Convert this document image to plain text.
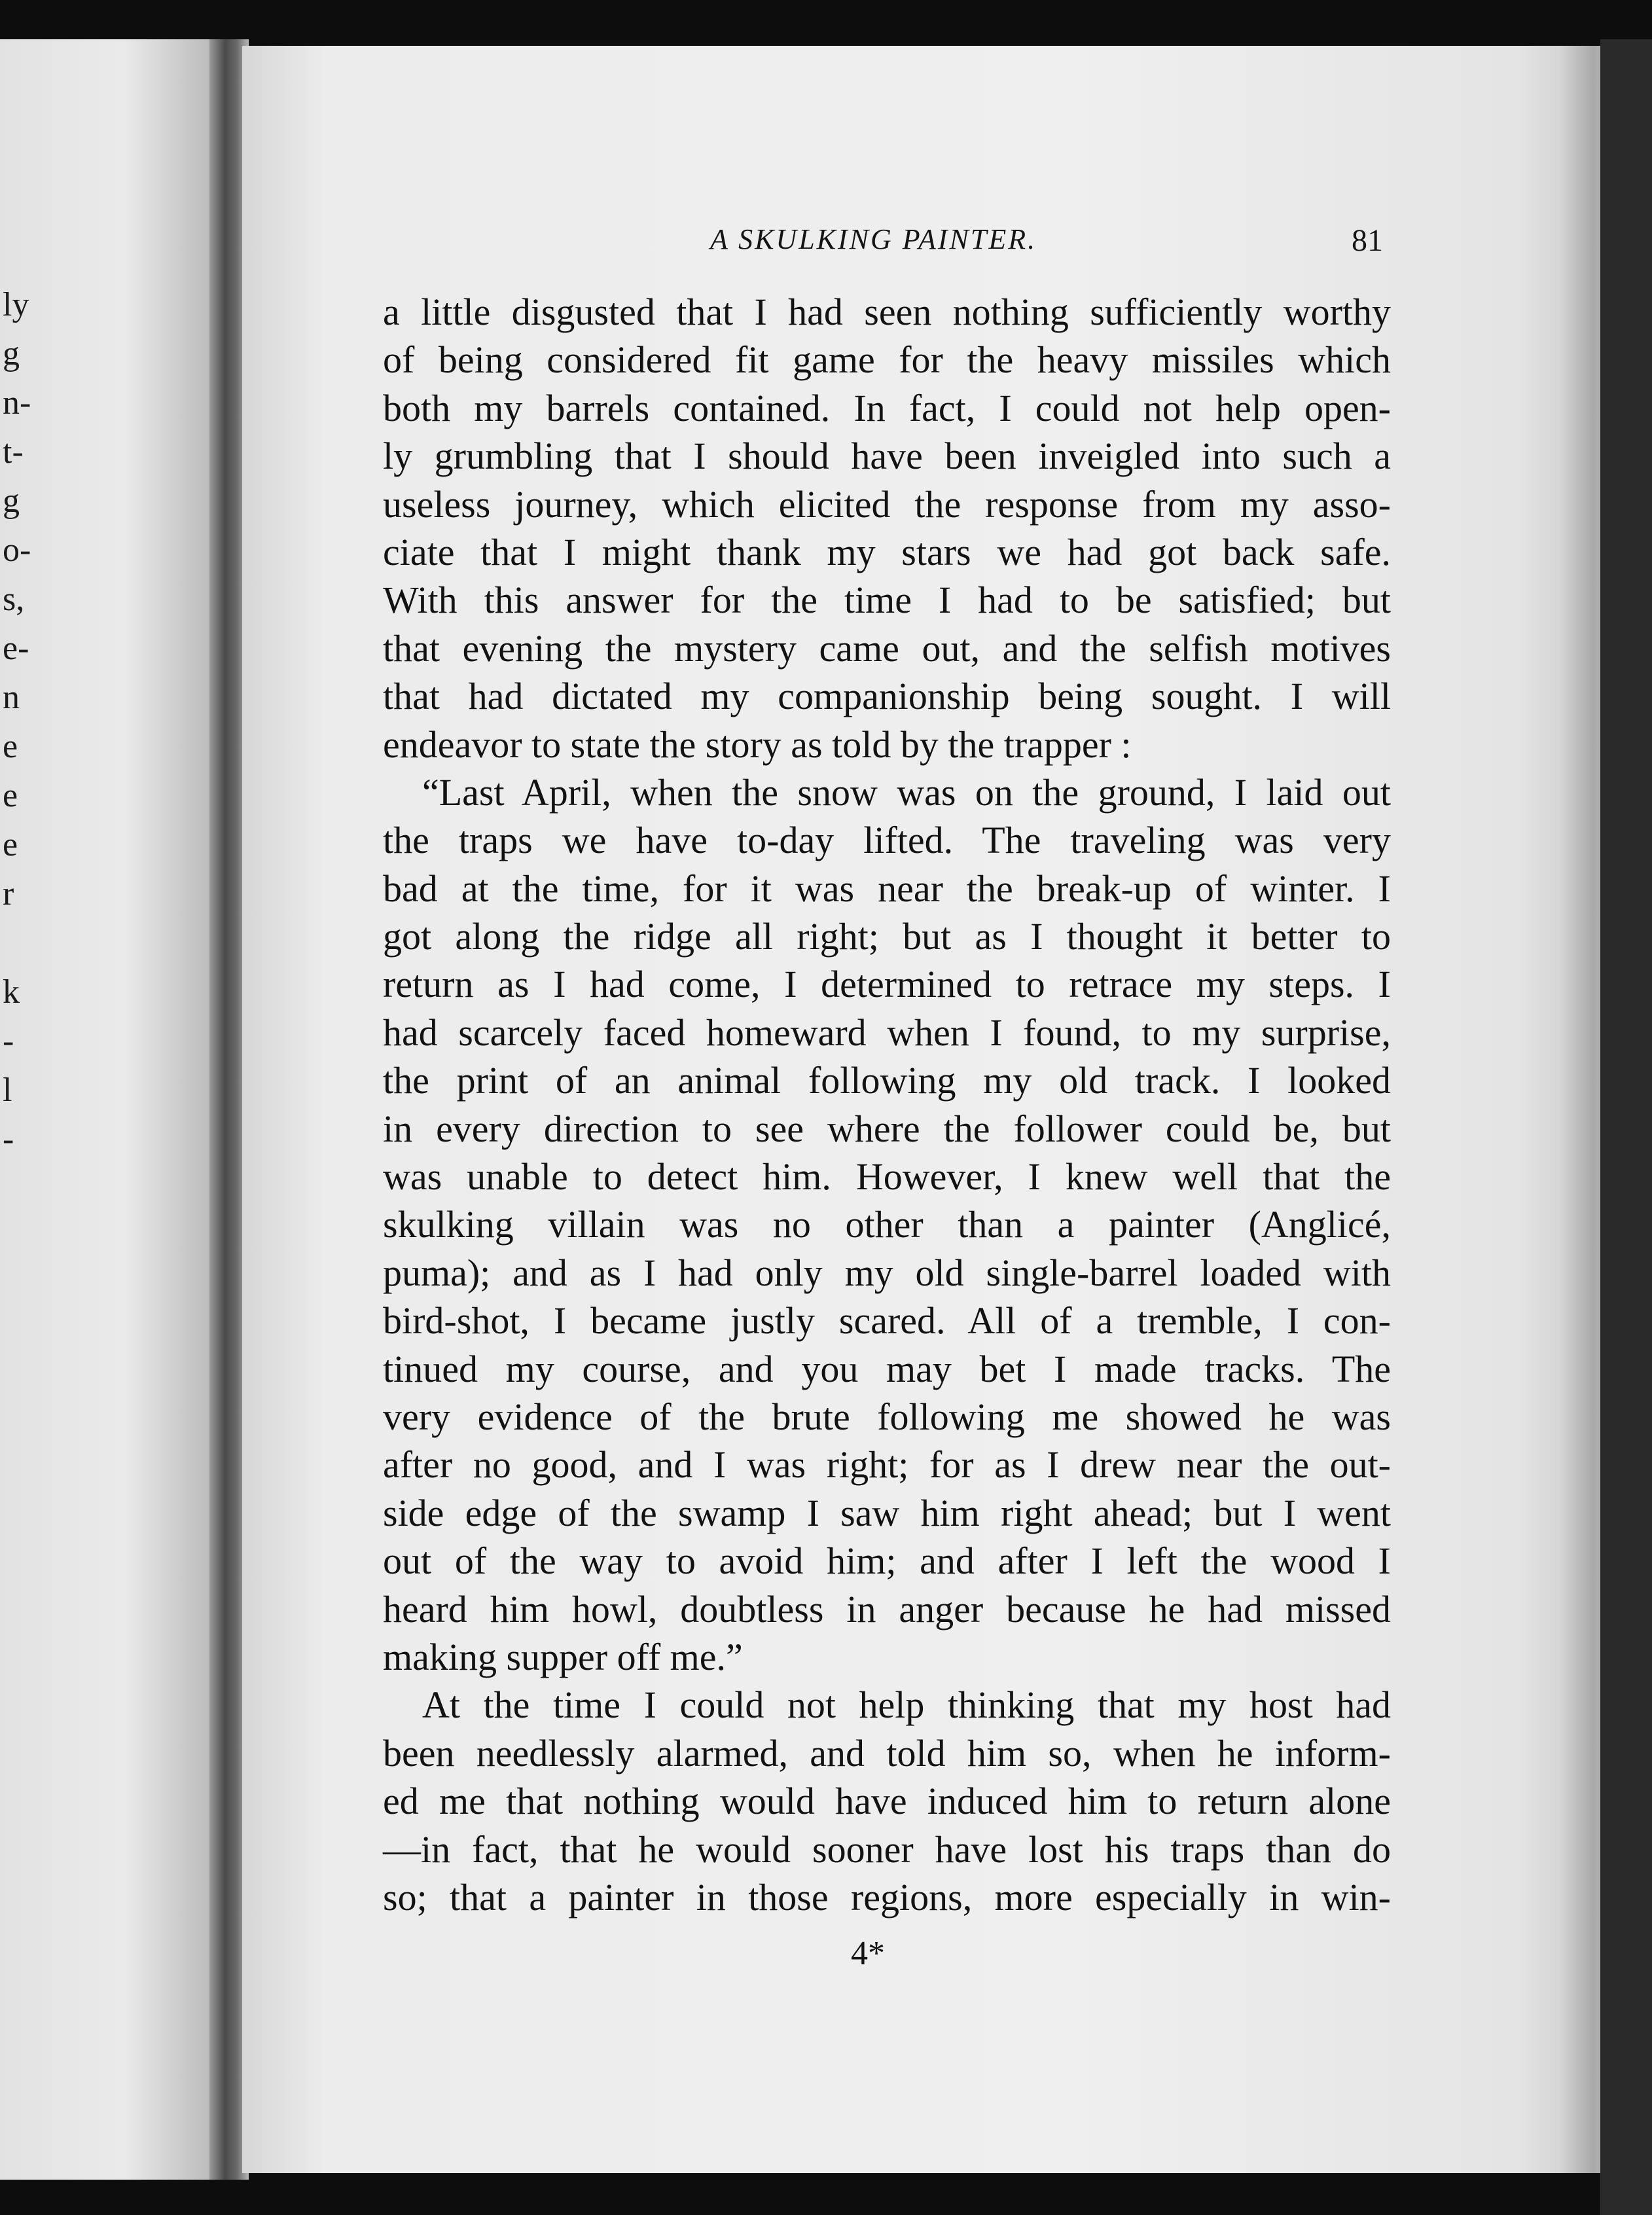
ly
g
n-
t-
g
o-
s,
e-
n
e
e
e
r
k
-
l
-
A SKULKING PAINTER.	81
a little disgusted that I had seen nothing sufficiently worthy
of being considered fit game for the heavy missiles which
both my barrels contained. In fact, I could not help open-
ly grumbling that I should have been inveigled into such a
useless journey, which elicited the response from my asso-
ciate that I might thank my stars we had got back safe.
With this answer for the time I had to be satisfied; but
that evening the mystery came out, and the selfish motives
that had dictated my companionship being sought. I will
endeavor to state the story as told by the trapper :
“Last April, when the snow was on the ground, I laid out
the traps we have to-day lifted. The traveling was very
bad at the time, for it was near the break-up of winter. I
got along the ridge all right; but as I thought it better to
return as I had come, I determined to retrace my steps. I
had scarcely faced homeward when I found, to my surprise,
the print of an animal following my old track. I looked
in every direction to see where the follower could be, but
was unable to detect him. However, I knew well that the
skulking villain was no other than a painter (Anglicé,
puma); and as I had only my old single-barrel loaded with
bird-shot, I became justly scared. All of a tremble, I con-
tinued my course, and you may bet I made tracks. The
very evidence of the brute following me showed he was
after no good, and I was right; for as I drew near the out-
side edge of the swamp I saw him right ahead; but I went
out of the way to avoid him; and after I left the wood I
heard him howl, doubtless in anger because he had missed
making supper off me.”
At the time I could not help thinking that my host had
been needlessly alarmed, and told him so, when he inform-
ed me that nothing would have induced him to return alone
—in fact, that he would sooner have lost his traps than do
so; that a painter in those regions, more especially in win-
4*
